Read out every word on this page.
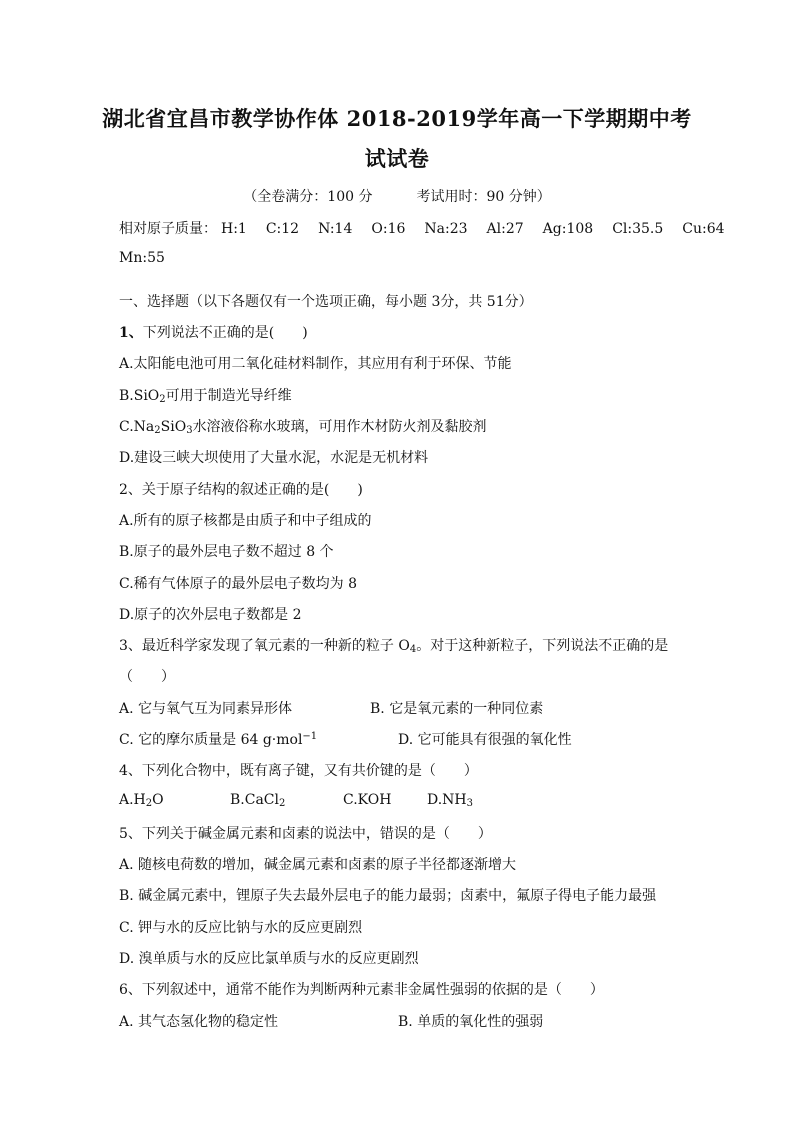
湖北省宜昌市教学协作体 2018-2019学年高一下学期期中考
试试卷
（全卷满分：100 分	考试用时：90 分钟）
相对原子质量： H:1 C:12 N:14 O:16 Na:23 Al:27 Ag:108 Cl:35.5 Cu:64
Mn:55
一、选择题（以下各题仅有一个选项正确，每小题 3分，共 51分）
1、下列说法不正确的是(　　)
A.太阳能电池可用二氧化硅材料制作，其应用有利于环保、节能
B.SiO$_2$可用于制造光导纤维
$C.Na_2SiO_3$水溶液俗称水玻璃，可用作木材防火剂及黏胶剂
D.建设三峡大坝使用了大量水泥，水泥是无机材料
2、关于原子结构的叙述正确的是(　　)
A.所有的原子核都是由质子和中子组成的
B.原子的最外层电子数不超过 8 个
C.稀有气体原子的最外层电子数均为 8
D.原子的次外层电子数都是 2
3、最近科学家发现了氧元素的一种新的粒子 $O_4$。对于这种新粒子，下列说法不正确的是
（　　）
A. 它与氧气互为同素异形体	B. 它是氧元素的一种同位素
C. 它的摩尔质量是 64 g·mol$^{-1}$	D. 它可能具有很强的氧化性
4、下列化合物中，既有离子键，又有共价键的是（　　）
$A.H_2O$	B.CaCl$_2$	C.KOH	$D.NH_3$
5、下列关于碱金属元素和卤素的说法中，错误的是（　　）
A. 随核电荷数的增加，碱金属元素和卤素的原子半径都逐渐增大
B. 碱金属元素中，锂原子失去最外层电子的能力最弱；卤素中，氟原子得电子能力最强
C. 钾与水的反应比钠与水的反应更剧烈
D. 溴单质与水的反应比氯单质与水的反应更剧烈
6、下列叙述中，通常不能作为判断两种元素非金属性强弱的依据的是（　　）
A. 其气态氢化物的稳定性	B. 单质的氧化性的强弱
